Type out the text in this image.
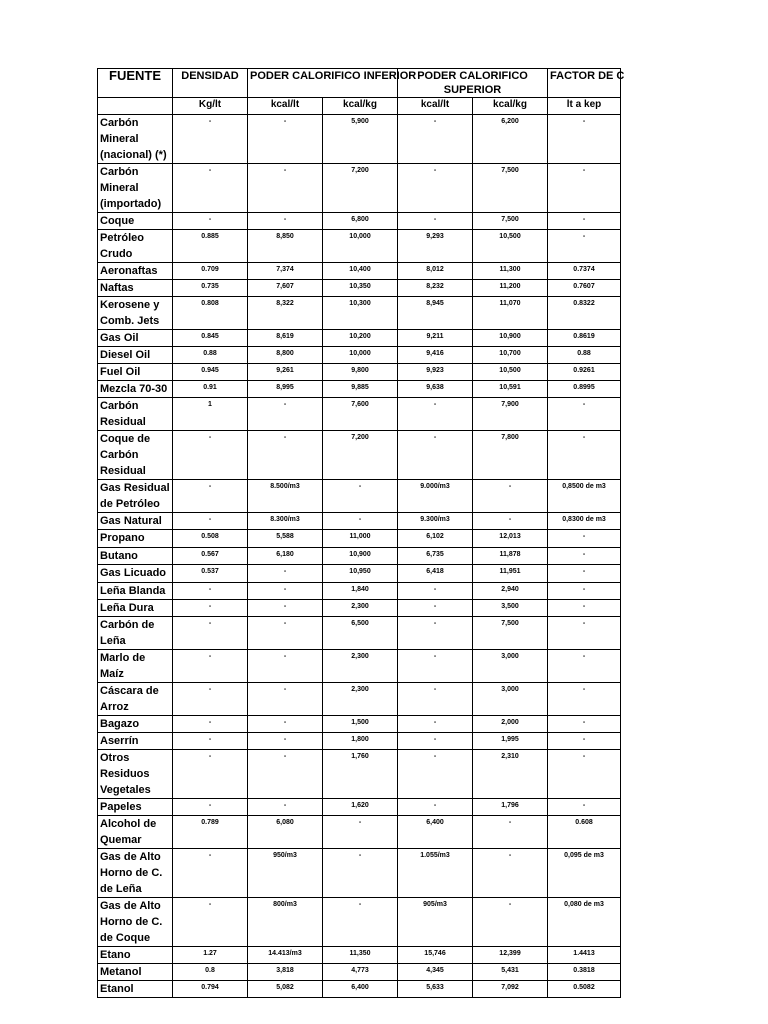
FUENTE	DENSIDAD	PODER CALORIFICO INFERIOR		PODER CALORIFICO SUPERIOR		FACTOR DE C
	Kg/lt	kcal/lt	kcal/kg	kcal/lt	kcal/kg	lt a kep
Carbón Mineral (nacional) (*)	-	-	5,900	-	6,200	-
Carbón Mineral (importado)	-	-	7,200	-	7,500	-
Coque	-	-	6,800	-	7,500	-
Petróleo Crudo	0.885	8,850	10,000	9,293	10,500	-
Aeronaftas	0.709	7,374	10,400	8,012	11,300	0.7374
Naftas	0.735	7,607	10,350	8,232	11,200	0.7607
Kerosene y Comb. Jets	0.808	8,322	10,300	8,945	11,070	0.8322
Gas Oil	0.845	8,619	10,200	9,211	10,900	0.8619
Diesel Oil	0.88	8,800	10,000	9,416	10,700	0.88
Fuel Oil	0.945	9,261	9,800	9,923	10,500	0.9261
Mezcla 70-30	0.91	8,995	9,885	9,638	10,591	0.8995
Carbón Residual	1	-	7,600	-	7,900	-
Coque de Carbón Residual	-	-	7,200	-	7,800	-
Gas Residual de Petróleo	-	8.500/m3	-	9.000/m3	-	0,8500 de m3
Gas Natural	-	8.300/m3	-	9.300/m3	-	0,8300 de m3
Propano	0.508	5,588	11,000	6,102	12,013	-
Butano	0.567	6,180	10,900	6,735	11,878	-
Gas Licuado	0.537	-	10,950	6,418	11,951	-
Leña Blanda	-	-	1,840	-	2,940	-
Leña Dura	-	-	2,300	-	3,500	-
Carbón de Leña	-	-	6,500	-	7,500	-
Marlo de Maíz	-	-	2,300	-	3,000	-
Cáscara de Arroz	-	-	2,300	-	3,000	-
Bagazo	-	-	1,500	-	2,000	-
Aserrín	-	-	1,800	-	1,995	-
Otros Residuos Vegetales	-	-	1,760	-	2,310	-
Papeles	-	-	1,620	-	1,796	-
Alcohol de Quemar	0.789	6,080	-	6,400	-	0.608
Gas de Alto Horno de C. de Leña	-	950/m3	-	1.055/m3	-	0,095 de m3
Gas de Alto Horno de C. de Coque	-	800/m3	-	905/m3	-	0,080 de m3
Etano	1.27	14.413/m3	11,350	15,746	12,399	1.4413
Metanol	0.8	3,818	4,773	4,345	5,431	0.3818
Etanol	0.794	5,082	6,400	5,633	7,092	0.5082
